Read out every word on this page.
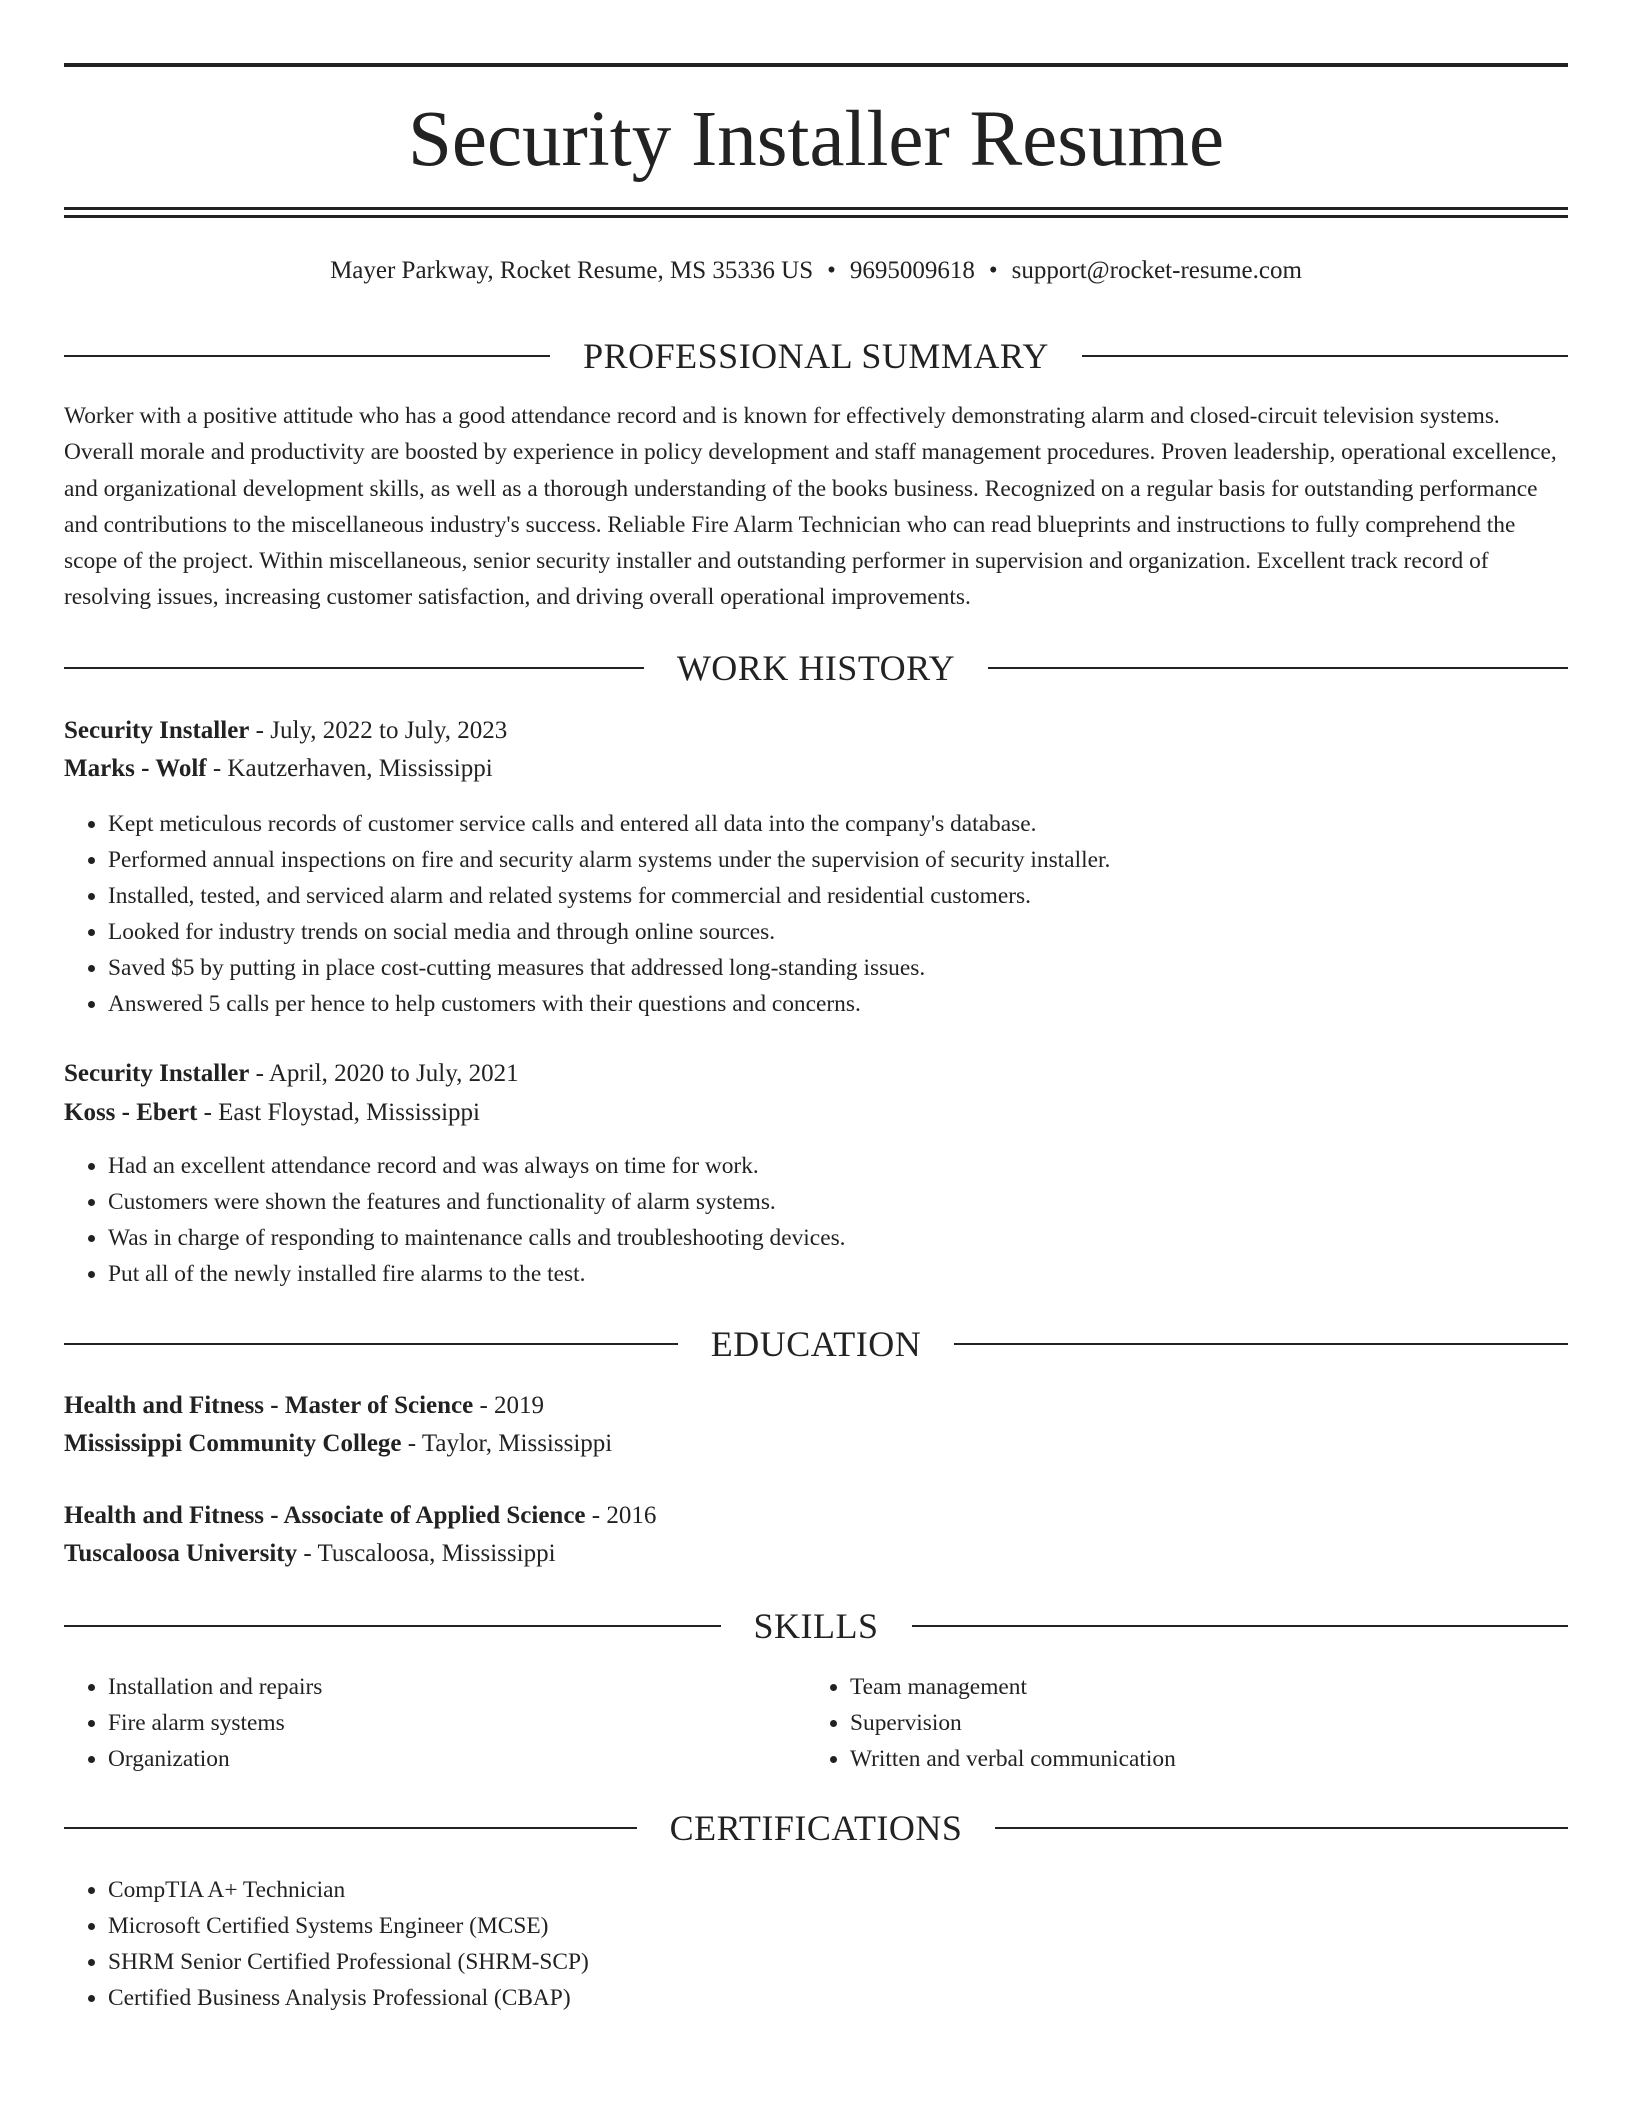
Security Installer Resume
Mayer Parkway, Rocket Resume, MS 35336 US • 9695009618 • support@rocket-resume.com
PROFESSIONAL SUMMARY
Worker with a positive attitude who has a good attendance record and is known for effectively demonstrating alarm and closed-circuit television systems. Overall morale and productivity are boosted by experience in policy development and staff management procedures. Proven leadership, operational excellence, and organizational development skills, as well as a thorough understanding of the books business. Recognized on a regular basis for outstanding performance and contributions to the miscellaneous industry's success. Reliable Fire Alarm Technician who can read blueprints and instructions to fully comprehend the scope of the project. Within miscellaneous, senior security installer and outstanding performer in supervision and organization. Excellent track record of resolving issues, increasing customer satisfaction, and driving overall operational improvements.
WORK HISTORY
Security Installer - July, 2022 to July, 2023
Marks - Wolf - Kautzerhaven, Mississippi
• Kept meticulous records of customer service calls and entered all data into the company's database.
• Performed annual inspections on fire and security alarm systems under the supervision of security installer.
• Installed, tested, and serviced alarm and related systems for commercial and residential customers.
• Looked for industry trends on social media and through online sources.
• Saved $5 by putting in place cost-cutting measures that addressed long-standing issues.
• Answered 5 calls per hence to help customers with their questions and concerns.
Security Installer - April, 2020 to July, 2021
Koss - Ebert - East Floystad, Mississippi
• Had an excellent attendance record and was always on time for work.
• Customers were shown the features and functionality of alarm systems.
• Was in charge of responding to maintenance calls and troubleshooting devices.
• Put all of the newly installed fire alarms to the test.
EDUCATION
Health and Fitness - Master of Science - 2019
Mississippi Community College - Taylor, Mississippi
Health and Fitness - Associate of Applied Science - 2016
Tuscaloosa University - Tuscaloosa, Mississippi
SKILLS
• Installation and repairs
• Fire alarm systems
• Organization
• Team management
• Supervision
• Written and verbal communication
CERTIFICATIONS
• CompTIA A+ Technician
• Microsoft Certified Systems Engineer (MCSE)
• SHRM Senior Certified Professional (SHRM-SCP)
• Certified Business Analysis Professional (CBAP)
